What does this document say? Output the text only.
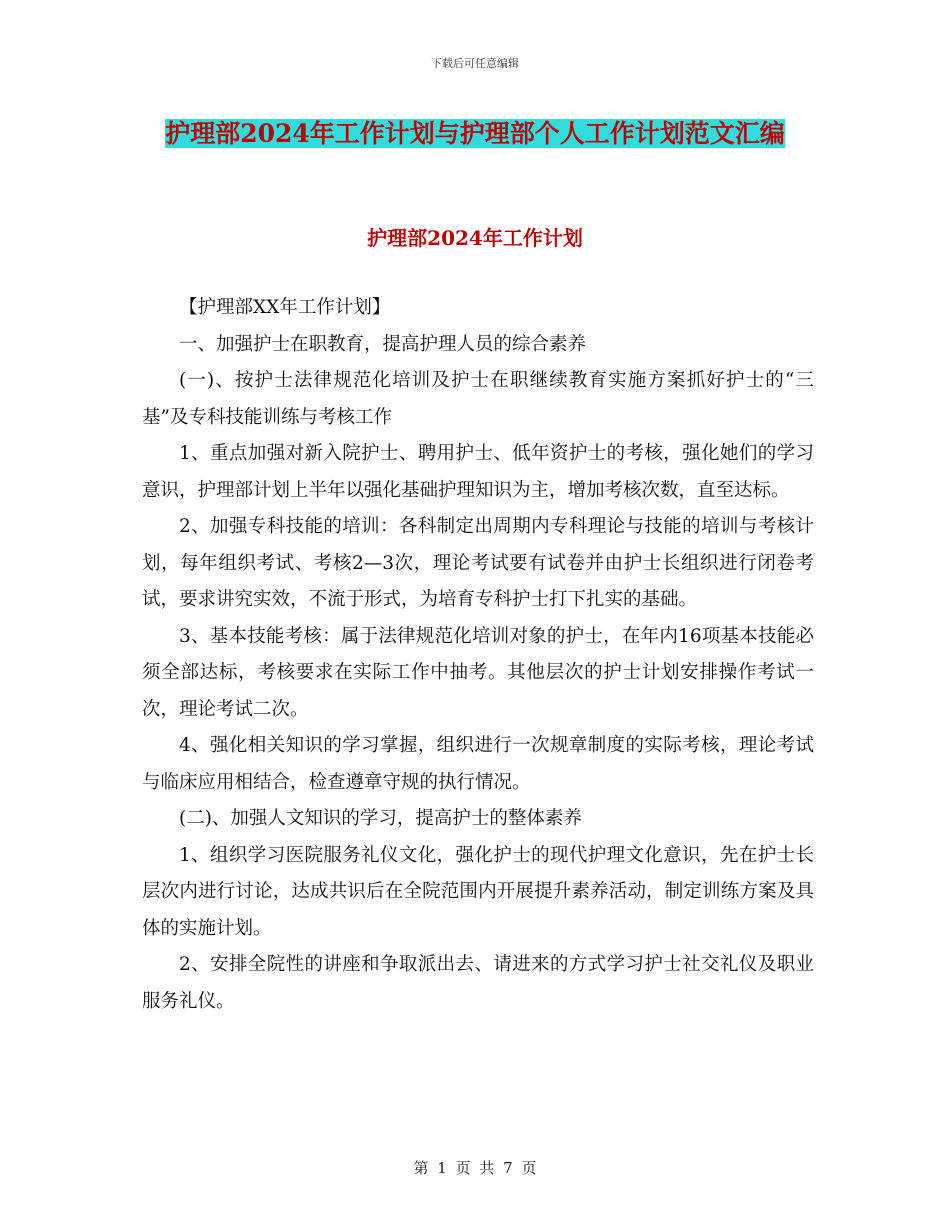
下载后可任意编辑
护理部2024年工作计划与护理部个人工作计划范文汇编
护理部2024年工作计划

【护理部XX年工作计划】

一、加强护士在职教育，提高护理人员的综合素养

(一)、按护士法律规范化培训及护士在职继续教育实施方案抓好护士的“三基”及专科技能训练与考核工作

1、重点加强对新入院护士、聘用护士、低年资护士的考核，强化她们的学习意识，护理部计划上半年以强化基础护理知识为主，增加考核次数，直至达标。

2、加强专科技能的培训：各科制定出周期内专科理论与技能的培训与考核计划，每年组织考试、考核2—3次，理论考试要有试卷并由护士长组织进行闭卷考试，要求讲究实效，不流于形式，为培育专科护士打下扎实的基础。

3、基本技能考核：属于法律规范化培训对象的护士，在年内16项基本技能必须全部达标，考核要求在实际工作中抽考。其他层次的护士计划安排操作考试一次，理论考试二次。

4、强化相关知识的学习掌握，组织进行一次规章制度的实际考核，理论考试与临床应用相结合，检查遵章守规的执行情况。

(二)、加强人文知识的学习，提高护士的整体素养

1、组织学习医院服务礼仪文化，强化护士的现代护理文化意识，先在护士长层次内进行讨论，达成共识后在全院范围内开展提升素养活动，制定训练方案及具体的实施计划。

2、安排全院性的讲座和争取派出去、请进来的方式学习护士社交礼仪及职业服务礼仪。

第 1 页 共 7 页
